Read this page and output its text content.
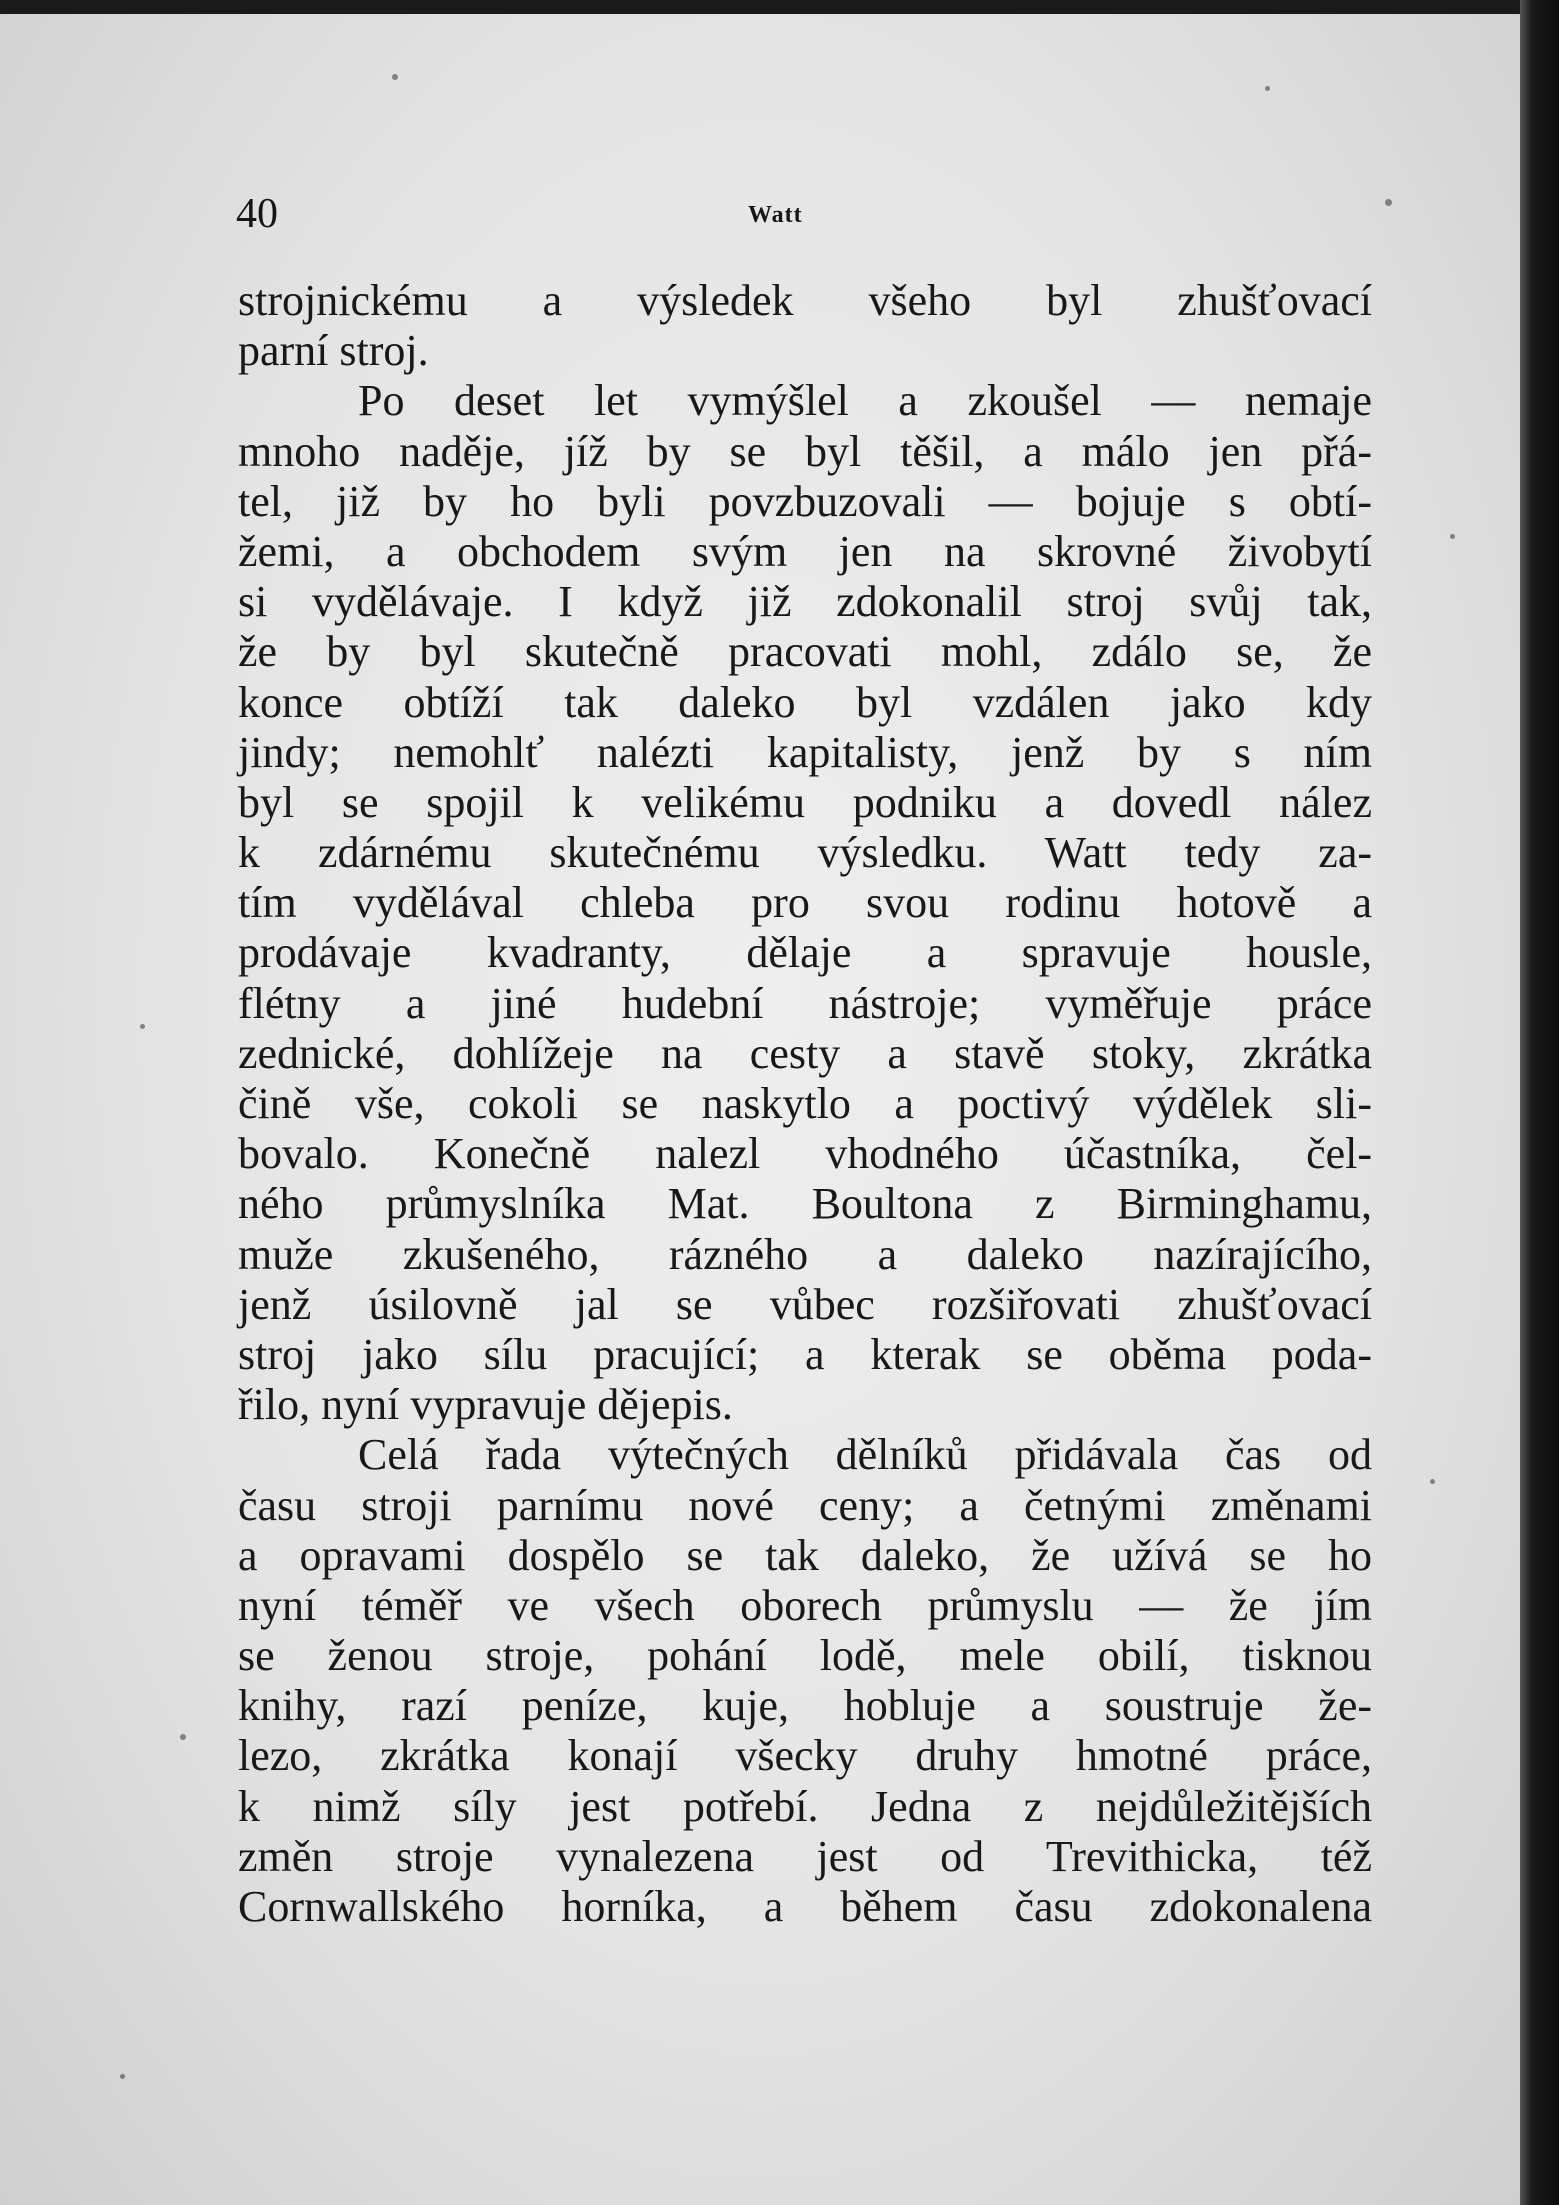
40	Watt
strojnickému a výsledek všeho byl zhušťovací
parní stroj.
Po deset let vymýšlel a zkoušel — nemaje
mnoho naděje, jíž by se byl těšil, a málo jen přá-
tel, již by ho byli povzbuzovali — bojuje s obtí-
žemi, a obchodem svým jen na skrovné živobytí
si vydělávaje. I když již zdokonalil stroj svůj tak,
že by byl skutečně pracovati mohl, zdálo se, že
konce obtíží tak daleko byl vzdálen jako kdy
jindy; nemohlť nalézti kapitalisty, jenž by s ním
byl se spojil k velikému podniku a dovedl nález
k zdárnému skutečnému výsledku. Watt tedy za-
tím vydělával chleba pro svou rodinu hotově a
prodávaje kvadranty, dělaje a spravuje housle,
flétny a jiné hudební nástroje; vyměřuje práce
zednické, dohlížeje na cesty a stavě stoky, zkrátka
čině vše, cokoli se naskytlo a poctivý výdělek sli-
bovalo. Konečně nalezl vhodného účastníka, čel-
ného průmyslníka Mat. Boultona z Birminghamu,
muže zkušeného, rázného a daleko nazírajícího,
jenž úsilovně jal se vůbec rozšiřovati zhušťovací
stroj jako sílu pracující; a kterak se oběma poda-
řilo, nyní vypravuje dějepis.
Celá řada výtečných dělníků přidávala čas od
času stroji parnímu nové ceny; a četnými změnami
a opravami dospělo se tak daleko, že užívá se ho
nyní téměř ve všech oborech průmyslu — že jím
se ženou stroje, pohání lodě, mele obilí, tisknou
knihy, razí peníze, kuje, hobluje a soustruje že-
lezo, zkrátka konají všecky druhy hmotné práce,
k nimž síly jest potřebí. Jedna z nejdůležitějších
změn stroje vynalezena jest od Trevithicka, též
Cornwallského horníka, a během času zdokonalena
